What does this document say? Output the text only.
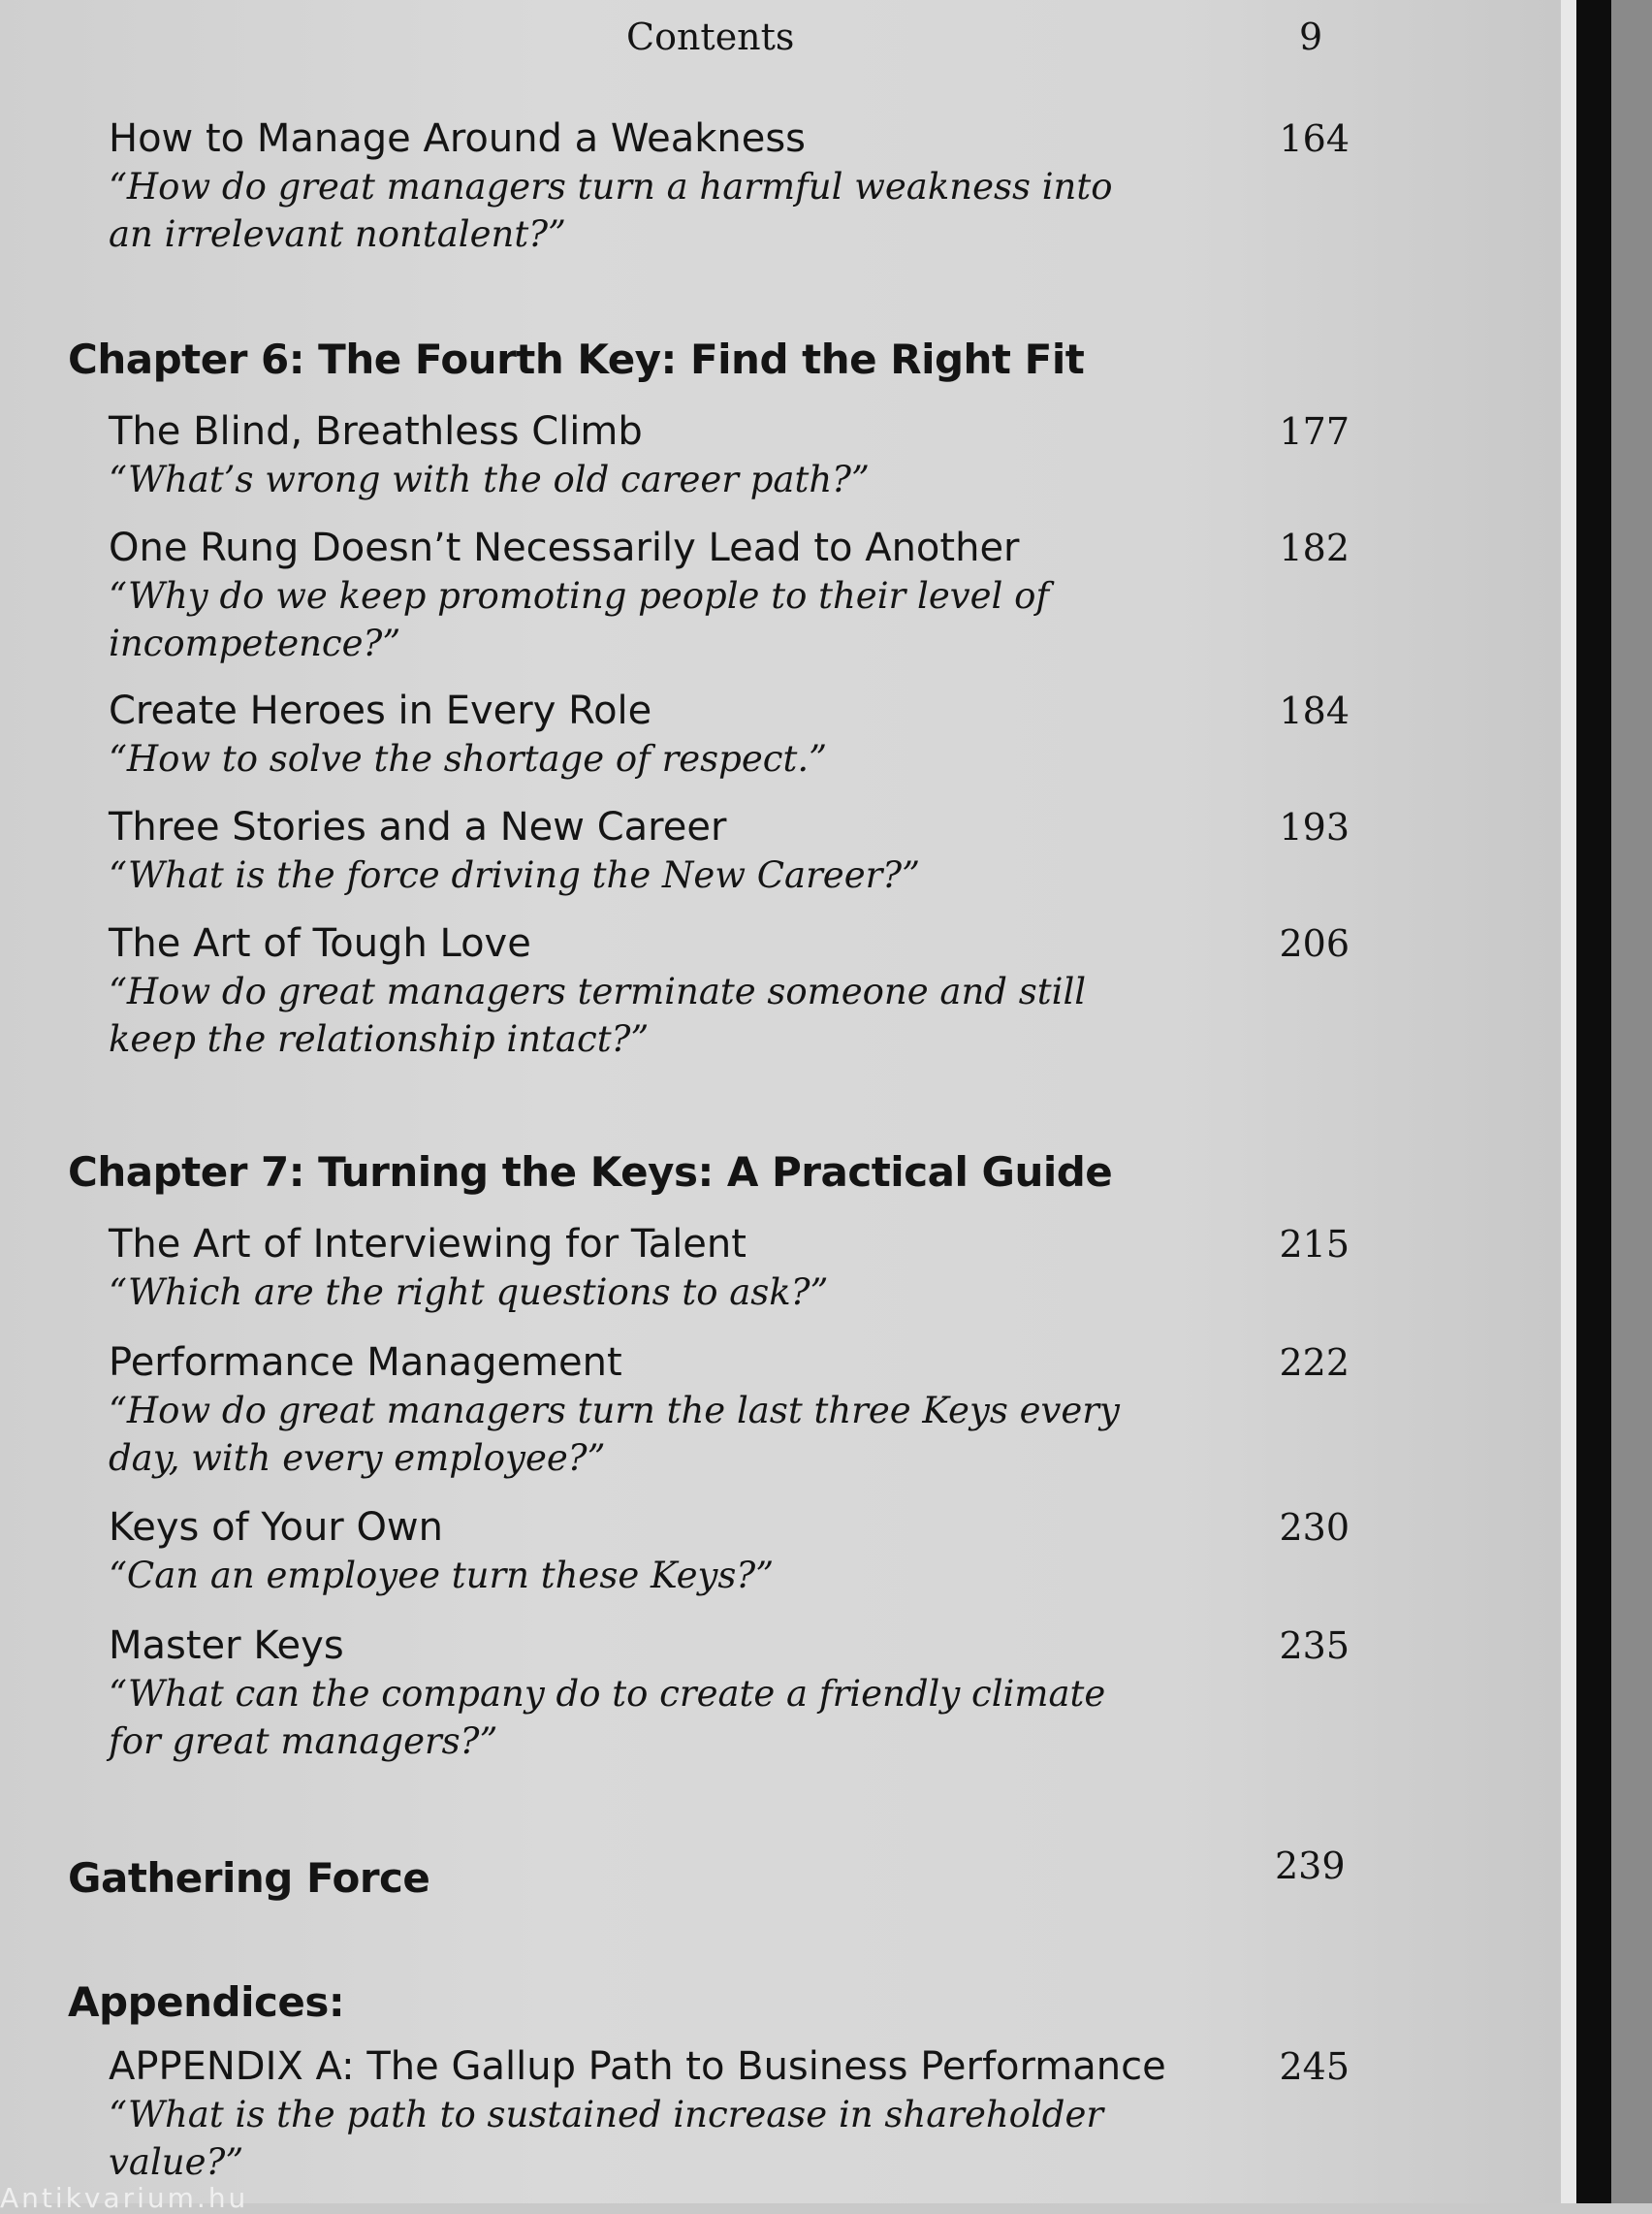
Contents	9
How to Manage Around a Weakness
“How do great managers turn a harmful weakness into an irrelevant nontalent?”
164
Chapter 6: The Fourth Key: Find the Right Fit
The Blind, Breathless Climb
“What’s wrong with the old career path?”
177
One Rung Doesn’t Necessarily Lead to Another
“Why do we keep promoting people to their level of incompetence?”
182
Create Heroes in Every Role
“How to solve the shortage of respect.”
184
Three Stories and a New Career
“What is the force driving the New Career?”
193
The Art of Tough Love
“How do great managers terminate someone and still keep the relationship intact?”
206
Chapter 7: Turning the Keys: A Practical Guide
The Art of Interviewing for Talent
“Which are the right questions to ask?”
215
Performance Management
“How do great managers turn the last three Keys every day, with every employee?”
222
Keys of Your Own
“Can an employee turn these Keys?”
230
Master Keys
“What can the company do to create a friendly climate for great managers?”
235
Gathering Force	239
Appendices:
APPENDIX A: The Gallup Path to Business Performance
“What is the path to sustained increase in shareholder value?”
245
Antikvarium.hu
